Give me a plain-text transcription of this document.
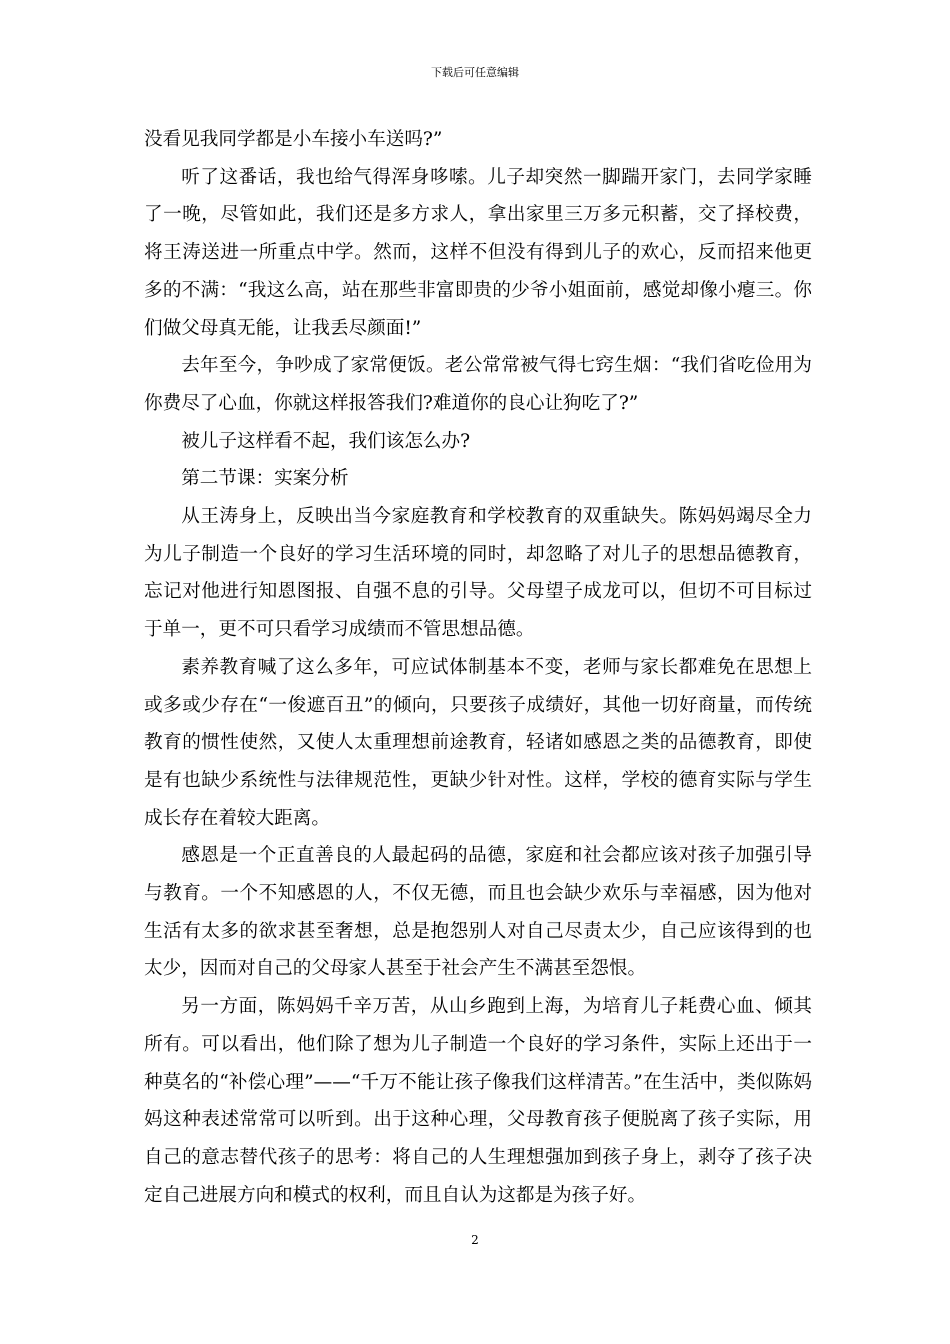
下载后可任意编辑

没看见我同学都是小车接小车送吗?”

听了这番话，我也给气得浑身哆嗦。儿子却突然一脚踹开家门，去同学家睡了一晚，尽管如此，我们还是多方求人，拿出家里三万多元积蓄，交了择校费，将王涛送进一所重点中学。然而，这样不但没有得到儿子的欢心，反而招来他更多的不满：“我这么高，站在那些非富即贵的少爷小姐面前，感觉却像小瘪三。你们做父母真无能，让我丢尽颜面!”

去年至今，争吵成了家常便饭。老公常常被气得七窍生烟：“我们省吃俭用为你费尽了心血，你就这样报答我们?难道你的良心让狗吃了?”

被儿子这样看不起，我们该怎么办?

第二节课：实案分析

从王涛身上，反映出当今家庭教育和学校教育的双重缺失。陈妈妈竭尽全力为儿子制造一个良好的学习生活环境的同时，却忽略了对儿子的思想品德教育，忘记对他进行知恩图报、自强不息的引导。父母望子成龙可以，但切不可目标过于单一，更不可只看学习成绩而不管思想品德。

素养教育喊了这么多年，可应试体制基本不变，老师与家长都难免在思想上或多或少存在“一俊遮百丑”的倾向，只要孩子成绩好，其他一切好商量，而传统教育的惯性使然，又使人太重理想前途教育，轻诸如感恩之类的品德教育，即使是有也缺少系统性与法律规范性，更缺少针对性。这样，学校的德育实际与学生成长存在着较大距离。

感恩是一个正直善良的人最起码的品德，家庭和社会都应该对孩子加强引导与教育。一个不知感恩的人，不仅无德，而且也会缺少欢乐与幸福感，因为他对生活有太多的欲求甚至奢想，总是抱怨别人对自己尽责太少，自己应该得到的也太少，因而对自己的父母家人甚至于社会产生不满甚至怨恨。

另一方面，陈妈妈千辛万苦，从山乡跑到上海，为培育儿子耗费心血、倾其所有。可以看出，他们除了想为儿子制造一个良好的学习条件，实际上还出于一种莫名的“补偿心理”——“千万不能让孩子像我们这样清苦。”在生活中，类似陈妈妈这种表述常常可以听到。出于这种心理，父母教育孩子便脱离了孩子实际，用自己的意志替代孩子的思考：将自己的人生理想强加到孩子身上，剥夺了孩子决定自己进展方向和模式的权利，而且自认为这都是为孩子好。

2
